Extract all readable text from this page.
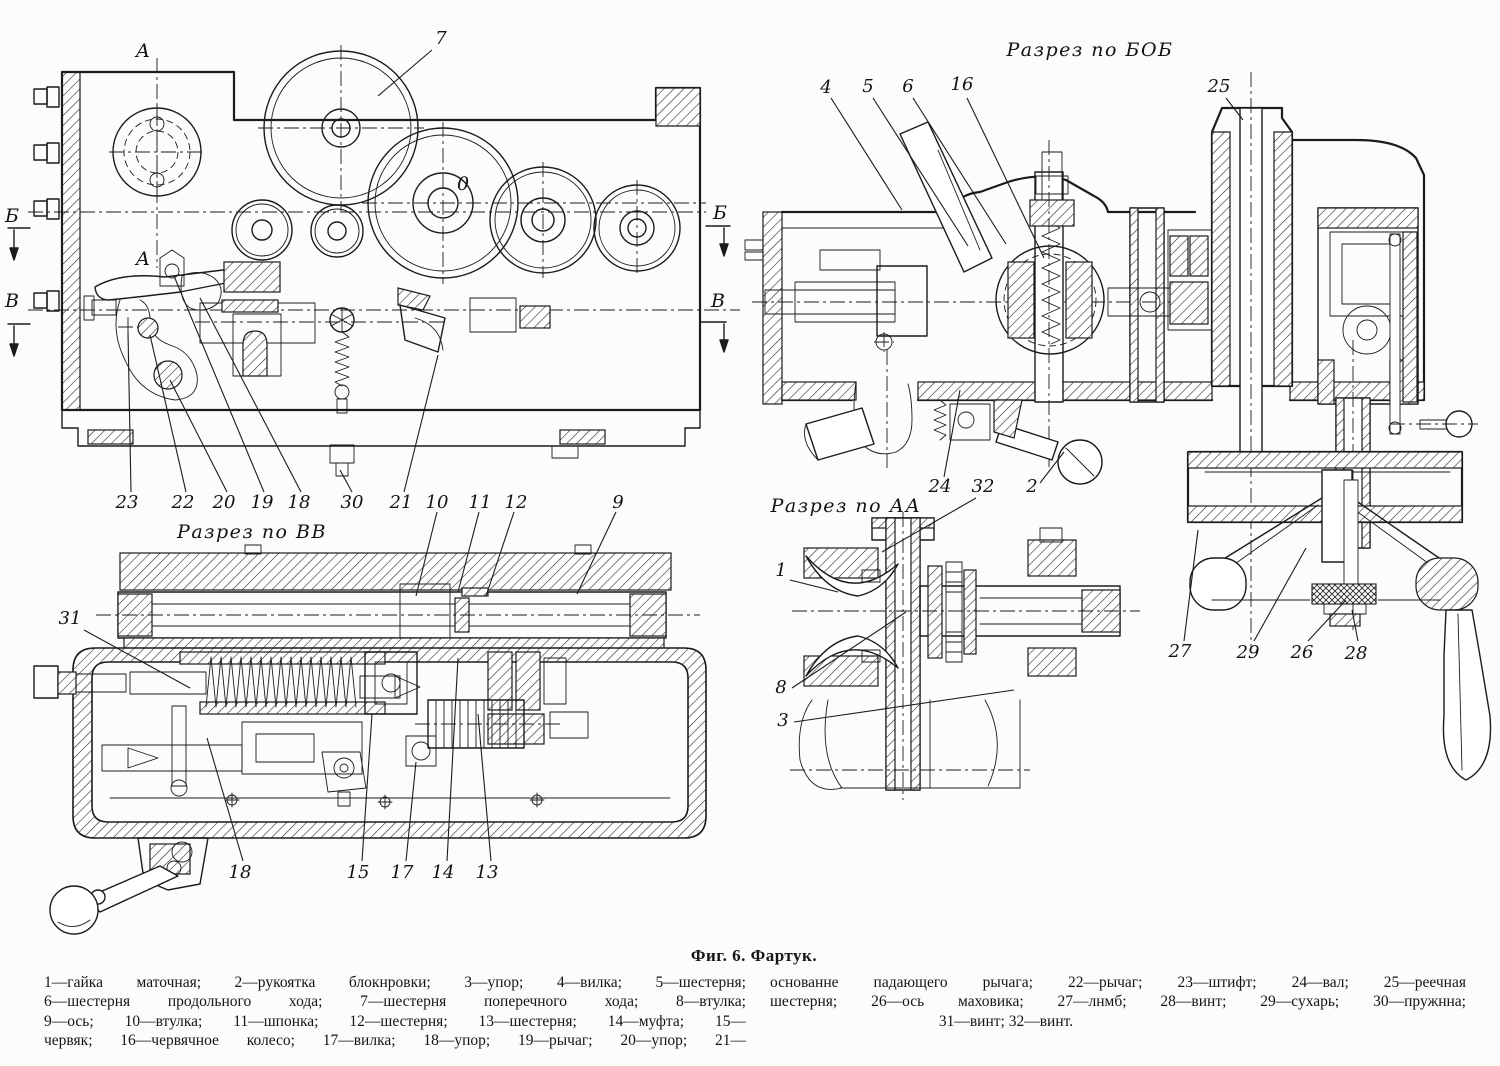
А
А
Б
В
Б
В
0
7
23 22 20 19 18 30 21 10 11 12	9
31
18	15 17 14 13
4 5 6 16	25
24 32 2
27	29 26 28
1
8
3
Разрез по БОБ
Разрез по ВВ
Разрез по АА
Фиг. 6. Фартук.
1—гайка маточная; 2—рукоятка блокнровки; 3—упор; 4—вилка; 5—шестерня;
6—шестерня продольного хода; 7—шестерня поперечного хода; 8—втулка;
9—ось; 10—втулка; 11—шпонка; 12—шестерня; 13—шестерня; 14—муфта; 15—
червяк; 16—червячное колесо; 17—вилка; 18—упор; 19—рычаг; 20—упор; 21—
основанне падающего рычага; 22—рычаг; 23—штифт; 24—вал; 25—реечная
шестерня; 26—ось маховика; 27—лнмб; 28—винт; 29—сухарь; 30—пружнна;
31—винт; 32—винт.
